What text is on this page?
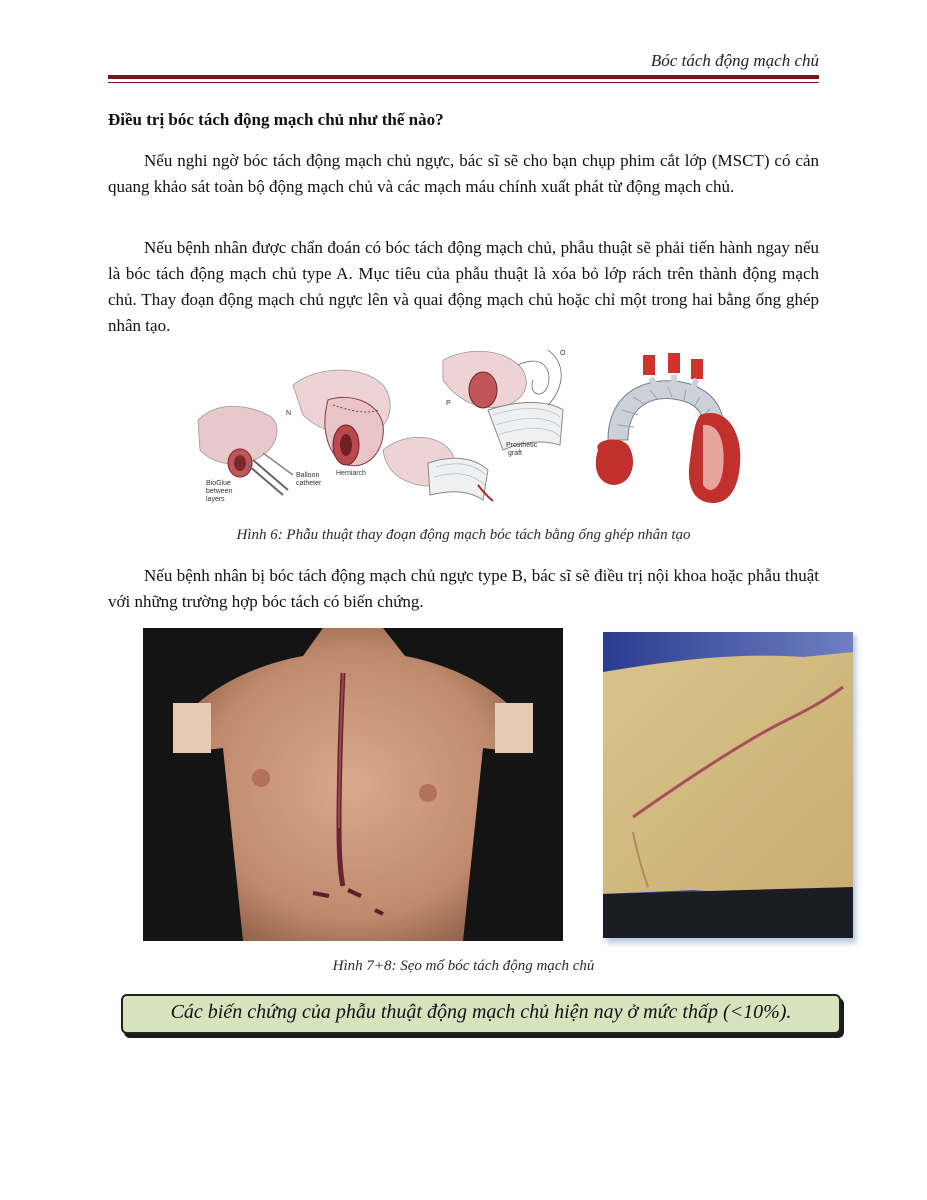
Bóc tách động mạch chủ
Điều trị bóc tách động mạch chủ như thế nào?

Nếu nghi ngờ bóc tách động mạch chủ ngực, bác sĩ sẽ cho bạn chụp phim cắt lớp (MSCT) có cản quang khảo sát toàn bộ động mạch chủ và các mạch máu chính xuất phát từ động mạch chủ.

Nếu bệnh nhân được chẩn đoán có bóc tách động mạch chủ, phẫu thuật sẽ phải tiến hành ngay nếu là bóc tách động mạch chủ type A. Mục tiêu của phẫu thuật là xóa bỏ lớp rách trên thành động mạch chủ. Thay đoạn động mạch chủ ngực lên và quai động mạch chủ hoặc chỉ một trong hai bằng ống ghép nhân tạo.

BioGlue
between
layers
Balloon
catheter
N
Hemiarch
P
O
Prosthetic
graft
Hình 6: Phẫu thuật thay đoạn động mạch bóc tách bằng ống ghép nhân tạo

Nếu bệnh nhân bị bóc tách động mạch chủ ngực type B, bác sĩ sẽ điều trị nội khoa hoặc phẫu thuật với những trường hợp bóc tách có biến chứng.

Hình 7+8: Sẹo mổ bóc tách động mạch chủ
Các biến chứng của phẫu thuật động mạch chủ hiện nay ở mức thấp (<10%).
